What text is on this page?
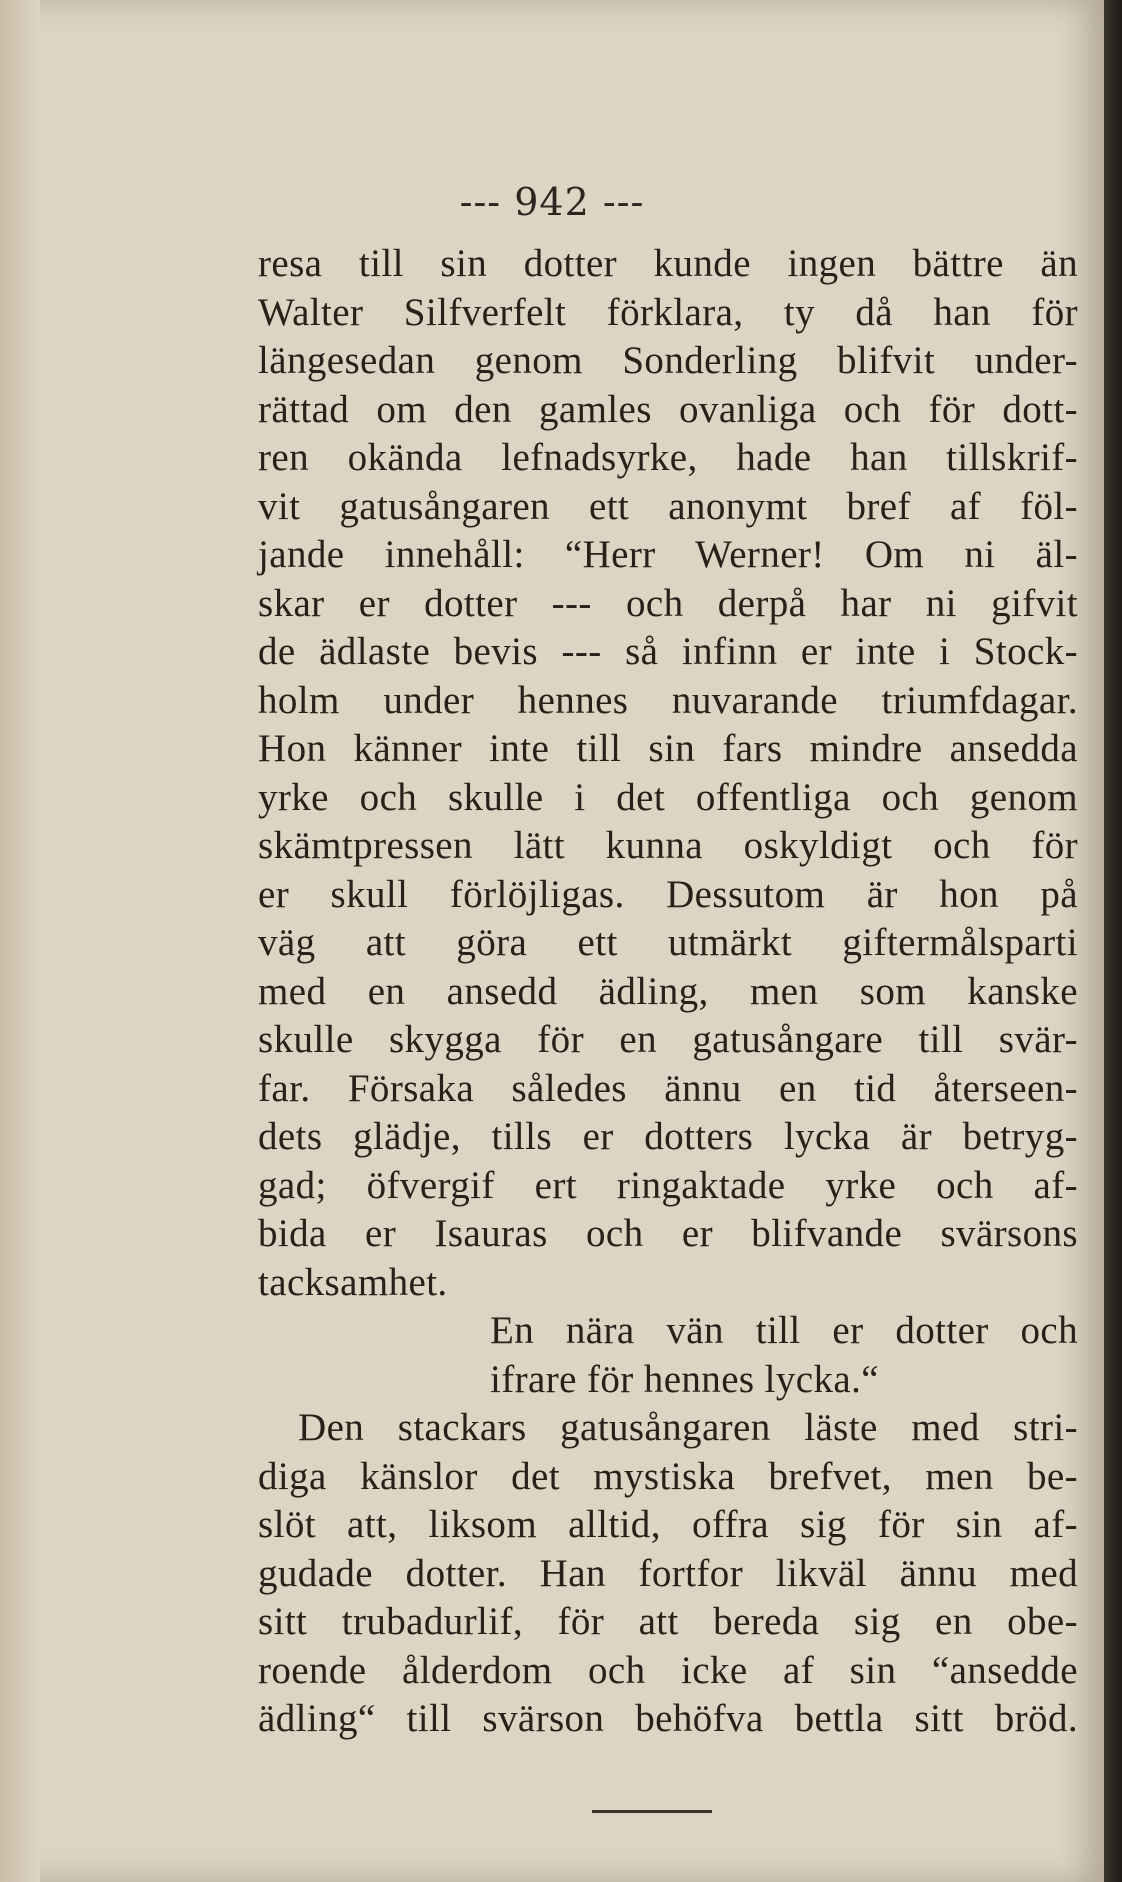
--- 942 ---
resa till sin dotter kunde ingen bättre än
Walter Silfverfelt förklara, ty då han för
längesedan genom Sonderling blifvit under-
rättad om den gamles ovanliga och för dott-
ren okända lefnadsyrke, hade han tillskrif-
vit gatusångaren ett anonymt bref af föl-
jande innehåll: “Herr Werner! Om ni äl-
skar er dotter --- och derpå har ni gifvit
de ädlaste bevis --- så infinn er inte i Stock-
holm under hennes nuvarande triumfdagar.
Hon känner inte till sin fars mindre ansedda
yrke och skulle i det offentliga och genom
skämtpressen lätt kunna oskyldigt och för
er skull förlöjligas. Dessutom är hon på
väg att göra ett utmärkt giftermålsparti
med en ansedd ädling, men som kanske
skulle skygga för en gatusångare till svär-
far. Försaka således ännu en tid återseen-
dets glädje, tills er dotters lycka är betryg-
gad; öfvergif ert ringaktade yrke och af-
bida er Isauras och er blifvande svärsons
tacksamhet.
En nära vän till er dotter och
ifrare för hennes lycka.“
Den stackars gatusångaren läste med stri-
diga känslor det mystiska brefvet, men be-
slöt att, liksom alltid, offra sig för sin af-
gudade dotter. Han fortfor likväl ännu med
sitt trubadurlif, för att bereda sig en obe-
roende ålderdom och icke af sin “ansedde
ädling“ till svärson behöfva bettla sitt bröd.
